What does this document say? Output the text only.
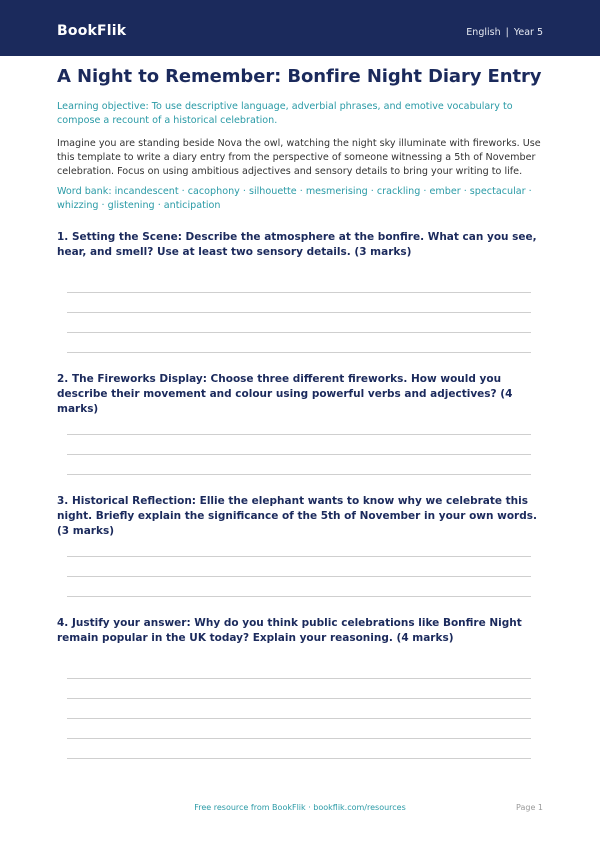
BookFlik	English | Year 5
A Night to Remember: Bonfire Night Diary Entry

Learning objective: To use descriptive language, adverbial phrases, and emotive vocabulary to compose a recount of a historical celebration.

Imagine you are standing beside Nova the owl, watching the night sky illuminate with fireworks. Use this template to write a diary entry from the perspective of someone witnessing a 5th of November celebration. Focus on using ambitious adjectives and sensory details to bring your writing to life.

Word bank: incandescent · cacophony · silhouette · mesmerising · crackling · ember · spectacular · whizzing · glistening · anticipation

1. Setting the Scene: Describe the atmosphere at the bonfire. What can you see, hear, and smell? Use at least two sensory details. (3 marks)

2. The Fireworks Display: Choose three different fireworks. How would you describe their movement and colour using powerful verbs and adjectives? (4 marks)

3. Historical Reflection: Ellie the elephant wants to know why we celebrate this night. Briefly explain the significance of the 5th of November in your own words. (3 marks)

4. Justify your answer: Why do you think public celebrations like Bonfire Night remain popular in the UK today? Explain your reasoning. (4 marks)

Free resource from BookFlik · bookflik.com/resources	Page 1
